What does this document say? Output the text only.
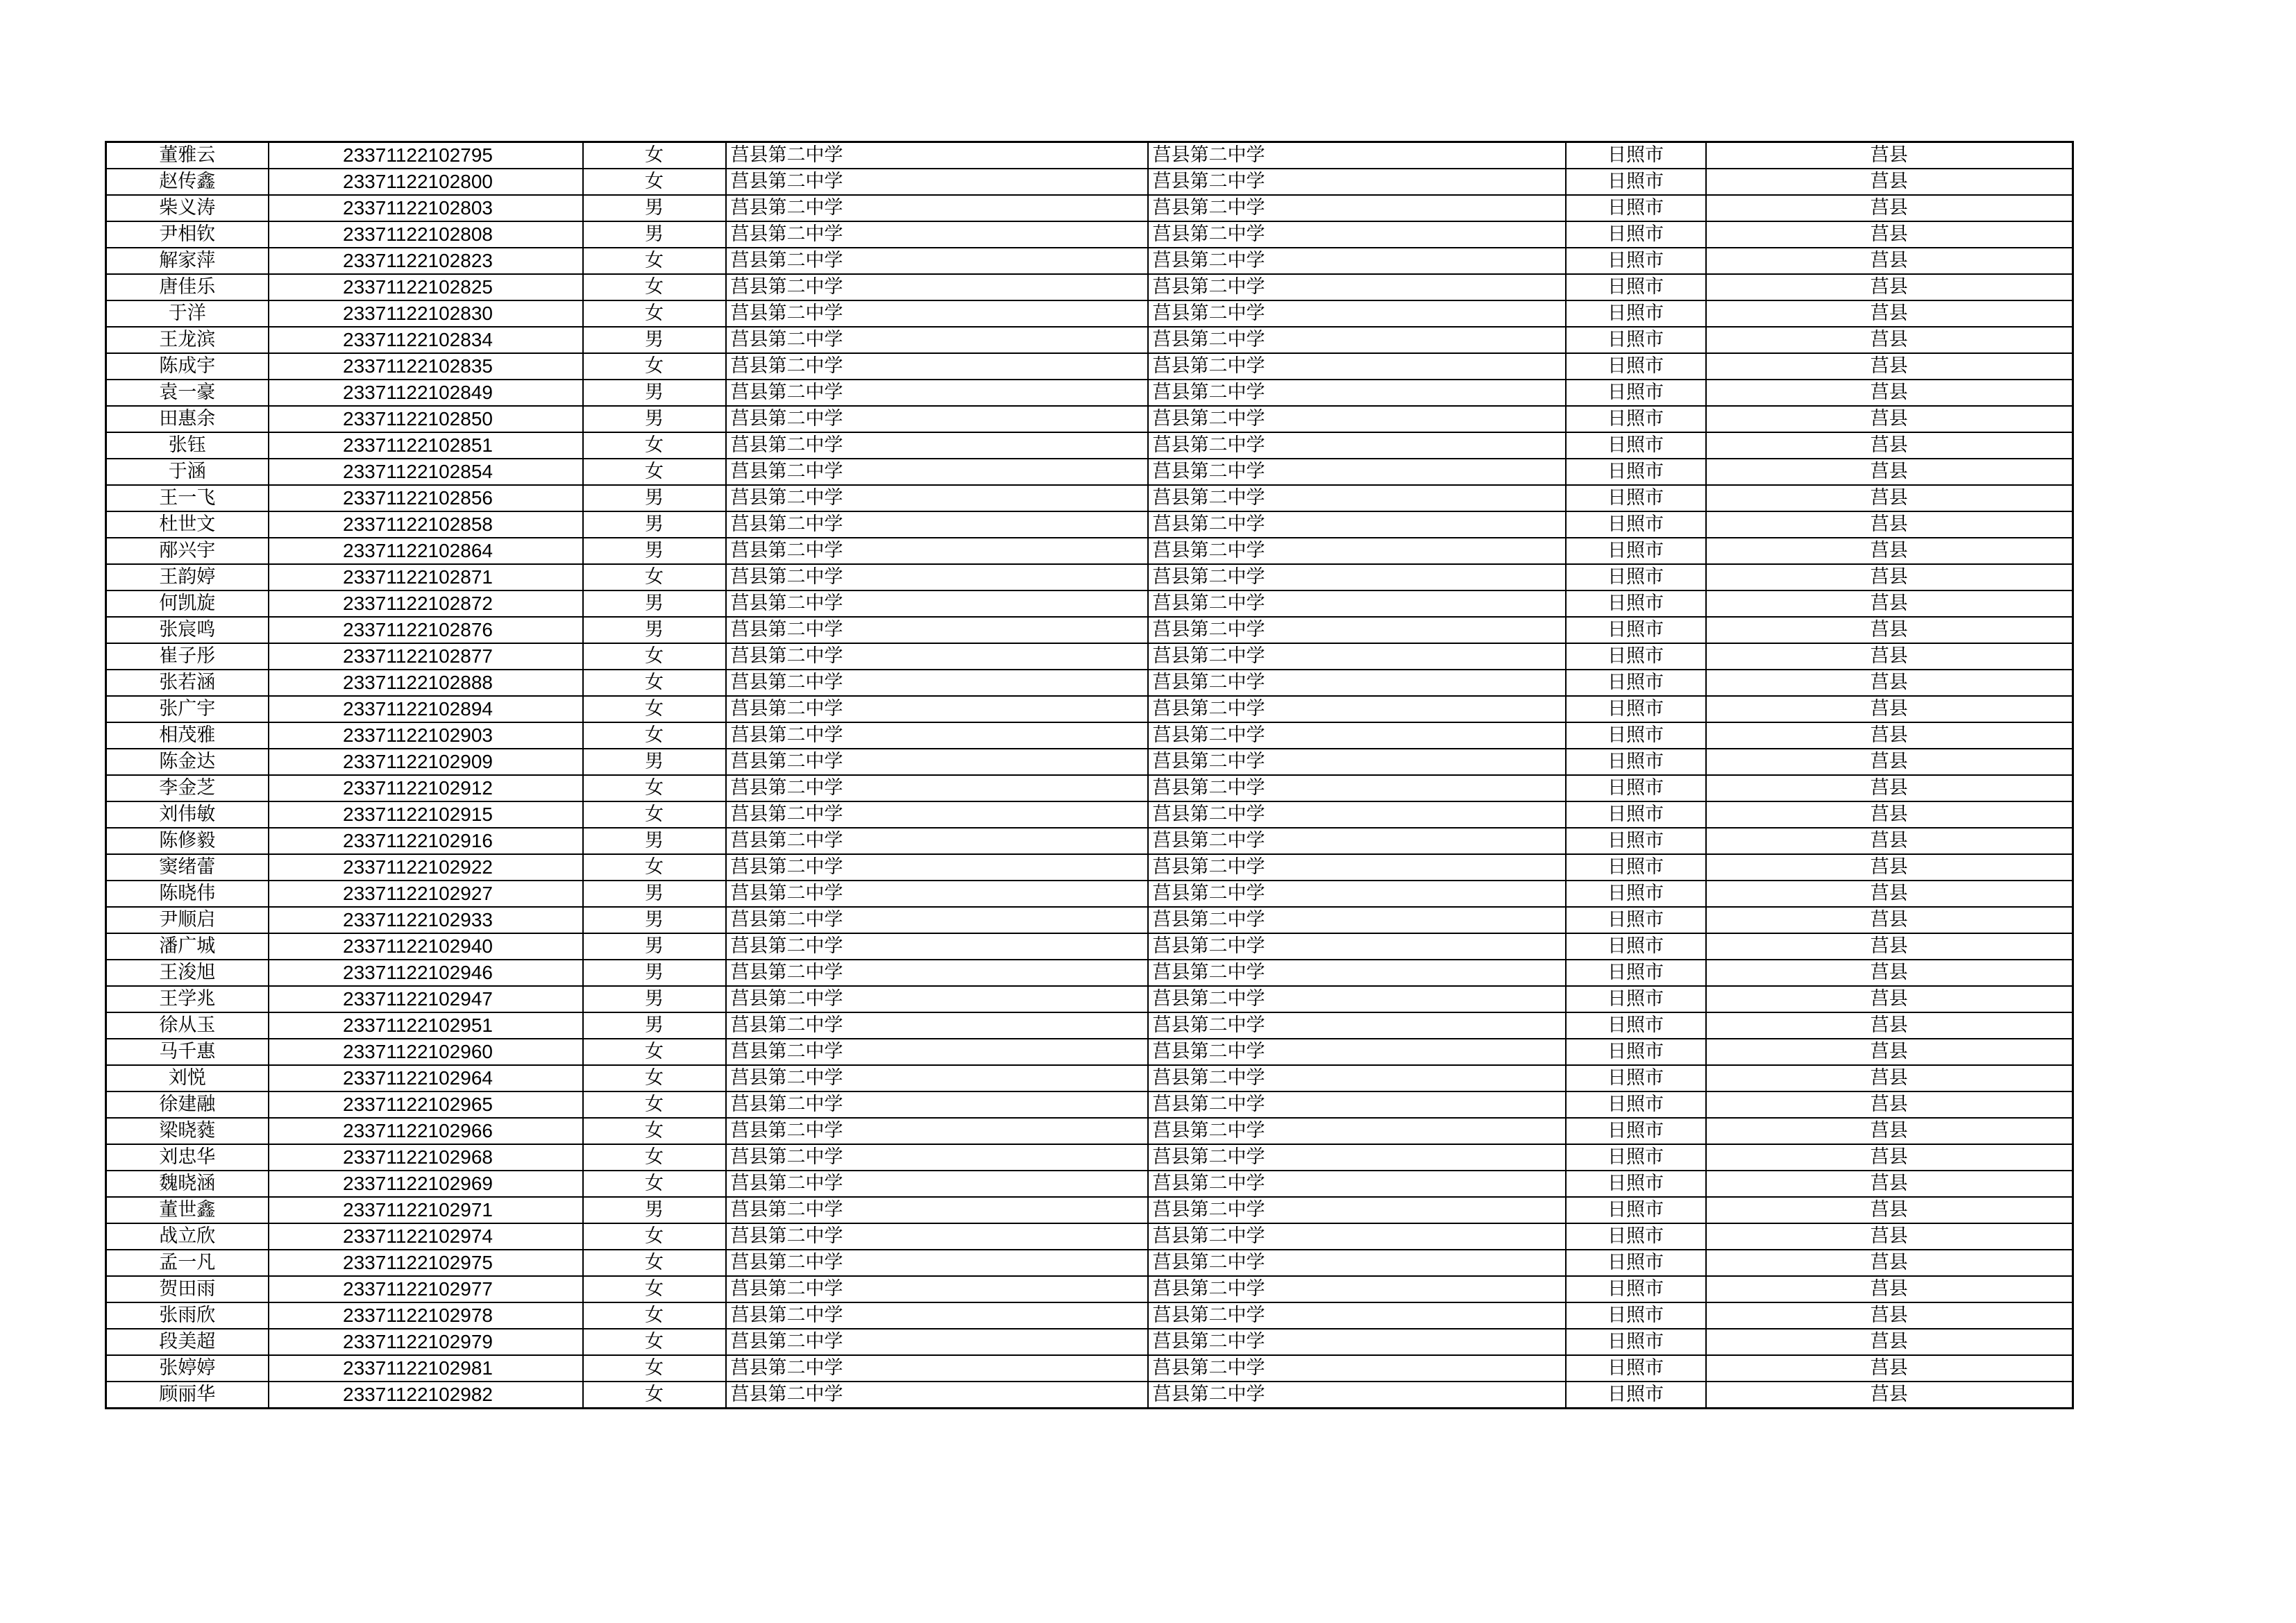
董雅云	23371122102795	女	莒县第二中学	莒县第二中学	日照市	莒县
赵传鑫	23371122102800	女	莒县第二中学	莒县第二中学	日照市	莒县
柴义涛	23371122102803	男	莒县第二中学	莒县第二中学	日照市	莒县
尹相钦	23371122102808	男	莒县第二中学	莒县第二中学	日照市	莒县
解家萍	23371122102823	女	莒县第二中学	莒县第二中学	日照市	莒县
唐佳乐	23371122102825	女	莒县第二中学	莒县第二中学	日照市	莒县
于洋	23371122102830	女	莒县第二中学	莒县第二中学	日照市	莒县
王龙滨	23371122102834	男	莒县第二中学	莒县第二中学	日照市	莒县
陈成宇	23371122102835	女	莒县第二中学	莒县第二中学	日照市	莒县
袁一豪	23371122102849	男	莒县第二中学	莒县第二中学	日照市	莒县
田惠余	23371122102850	男	莒县第二中学	莒县第二中学	日照市	莒县
张钰	23371122102851	女	莒县第二中学	莒县第二中学	日照市	莒县
于涵	23371122102854	女	莒县第二中学	莒县第二中学	日照市	莒县
王一飞	23371122102856	男	莒县第二中学	莒县第二中学	日照市	莒县
杜世文	23371122102858	男	莒县第二中学	莒县第二中学	日照市	莒县
邴兴宇	23371122102864	男	莒县第二中学	莒县第二中学	日照市	莒县
王韵婷	23371122102871	女	莒县第二中学	莒县第二中学	日照市	莒县
何凯旋	23371122102872	男	莒县第二中学	莒县第二中学	日照市	莒县
张宸鸣	23371122102876	男	莒县第二中学	莒县第二中学	日照市	莒县
崔子彤	23371122102877	女	莒县第二中学	莒县第二中学	日照市	莒县
张若涵	23371122102888	女	莒县第二中学	莒县第二中学	日照市	莒县
张广宇	23371122102894	女	莒县第二中学	莒县第二中学	日照市	莒县
相茂雅	23371122102903	女	莒县第二中学	莒县第二中学	日照市	莒县
陈金达	23371122102909	男	莒县第二中学	莒县第二中学	日照市	莒县
李金芝	23371122102912	女	莒县第二中学	莒县第二中学	日照市	莒县
刘伟敏	23371122102915	女	莒县第二中学	莒县第二中学	日照市	莒县
陈修毅	23371122102916	男	莒县第二中学	莒县第二中学	日照市	莒县
窦绪蕾	23371122102922	女	莒县第二中学	莒县第二中学	日照市	莒县
陈晓伟	23371122102927	男	莒县第二中学	莒县第二中学	日照市	莒县
尹顺启	23371122102933	男	莒县第二中学	莒县第二中学	日照市	莒县
潘广城	23371122102940	男	莒县第二中学	莒县第二中学	日照市	莒县
王浚旭	23371122102946	男	莒县第二中学	莒县第二中学	日照市	莒县
王学兆	23371122102947	男	莒县第二中学	莒县第二中学	日照市	莒县
徐从玉	23371122102951	男	莒县第二中学	莒县第二中学	日照市	莒县
马千惠	23371122102960	女	莒县第二中学	莒县第二中学	日照市	莒县
刘悦	23371122102964	女	莒县第二中学	莒县第二中学	日照市	莒县
徐建融	23371122102965	女	莒县第二中学	莒县第二中学	日照市	莒县
梁晓蕤	23371122102966	女	莒县第二中学	莒县第二中学	日照市	莒县
刘忠华	23371122102968	女	莒县第二中学	莒县第二中学	日照市	莒县
魏晓涵	23371122102969	女	莒县第二中学	莒县第二中学	日照市	莒县
董世鑫	23371122102971	男	莒县第二中学	莒县第二中学	日照市	莒县
战立欣	23371122102974	女	莒县第二中学	莒县第二中学	日照市	莒县
孟一凡	23371122102975	女	莒县第二中学	莒县第二中学	日照市	莒县
贺田雨	23371122102977	女	莒县第二中学	莒县第二中学	日照市	莒县
张雨欣	23371122102978	女	莒县第二中学	莒县第二中学	日照市	莒县
段美超	23371122102979	女	莒县第二中学	莒县第二中学	日照市	莒县
张婷婷	23371122102981	女	莒县第二中学	莒县第二中学	日照市	莒县
顾丽华	23371122102982	女	莒县第二中学	莒县第二中学	日照市	莒县
